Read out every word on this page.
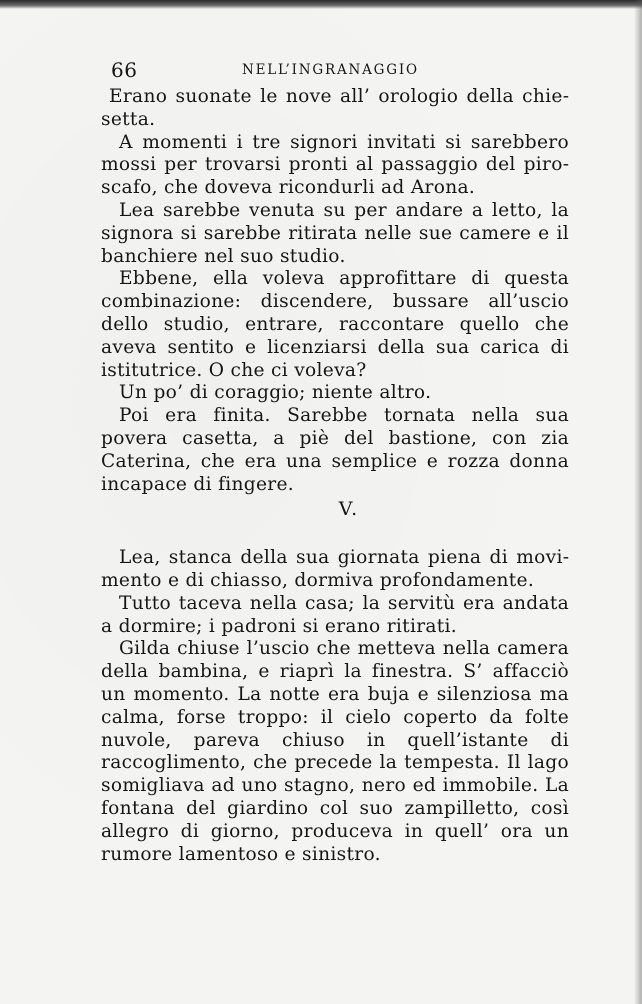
66	NELL’INGRANAGGIO

Erano suonate le nove all’ orologio della chiesetta.

A momenti i tre signori invitati si sarebbero mossi per trovarsi pronti al passaggio del piroscafo, che doveva ricondurli ad Arona.

Lea sarebbe venuta su per andare a letto, la signora si sarebbe ritirata nelle sue camere e il banchiere nel suo studio.

Ebbene, ella voleva approfittare di questa combinazione: discendere, bussare all’uscio dello studio, entrare, raccontare quello che aveva sentito e licenziarsi della sua carica di istitutrice. O che ci voleva?

Un po’ di coraggio; niente altro.

Poi era finita. Sarebbe tornata nella sua povera casetta, a piè del bastione, con zia Caterina, che era una semplice e rozza donna incapace di fingere.

V.

Lea, stanca della sua giornata piena di movimento e di chiasso, dormiva profondamente.

Tutto taceva nella casa; la servitù era andata a dormire; i padroni si erano ritirati.

Gilda chiuse l’uscio che metteva nella camera della bambina, e riaprì la finestra. S’ affacciò un momento. La notte era buja e silenziosa ma calma, forse troppo: il cielo coperto da folte nuvole, pareva chiuso in quell’istante di raccoglimento, che precede la tempesta. Il lago somigliava ad uno stagno, nero ed immobile. La fontana del giardino col suo zampilletto, così allegro di giorno, produceva in quell’ ora un rumore lamentoso e sinistro.
